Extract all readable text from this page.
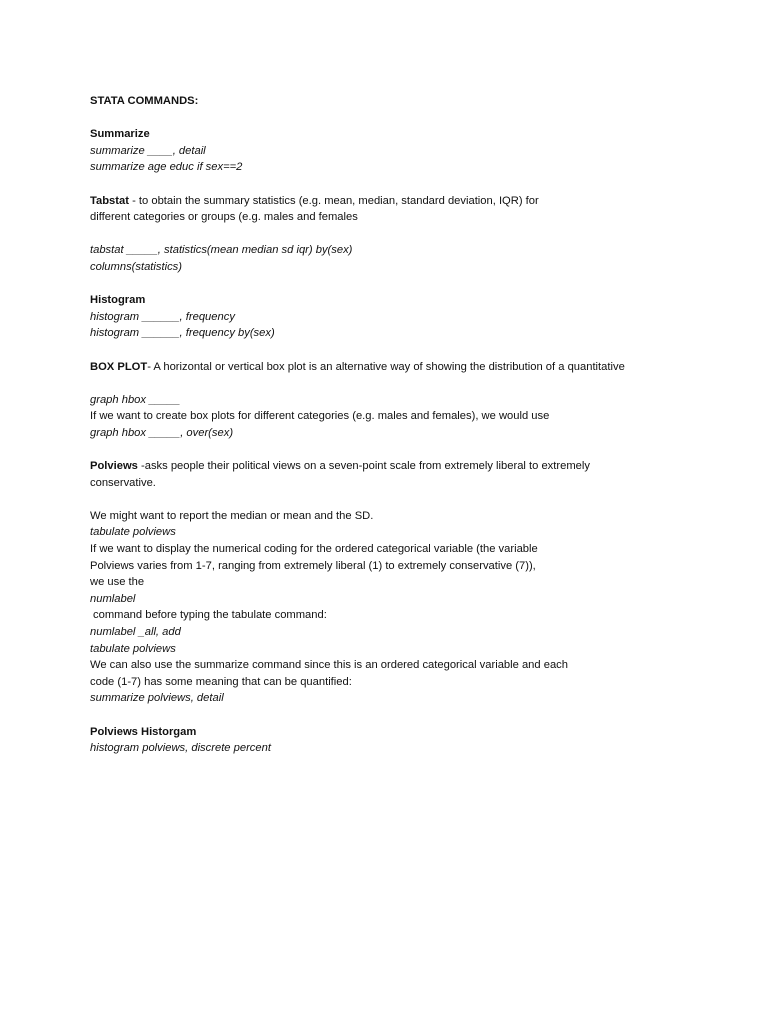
STATA COMMANDS:
Summarize
summarize ____, detail
summarize age educ if sex==2
Tabstat - to obtain the summary statistics (e.g. mean, median, standard deviation, IQR) for
different categories or groups (e.g. males and females
tabstat _____, statistics(mean median sd iqr) by(sex)
columns(statistics)
Histogram
histogram ______, frequency
histogram ______, frequency by(sex)
BOX PLOT- A horizontal or vertical box plot is an alternative way of showing the distribution of a quantitative
graph hbox _____
If we want to create box plots for different categories (e.g. males and females), we would use
graph hbox _____, over(sex)
Polviews -asks people their political views on a seven-point scale from extremely liberal to extremely
conservative.
We might want to report the median or mean and the SD.
tabulate polviews
If we want to display the numerical coding for the ordered categorical variable (the variable
Polviews varies from 1-7, ranging from extremely liberal (1) to extremely conservative (7)),
we use the
numlabel
command before typing the tabulate command:
numlabel _all, add
tabulate polviews
We can also use the summarize command since this is an ordered categorical variable and each
code (1-7) has some meaning that can be quantified:
summarize polviews, detail
Polviews Historgam
histogram polviews, discrete percent
